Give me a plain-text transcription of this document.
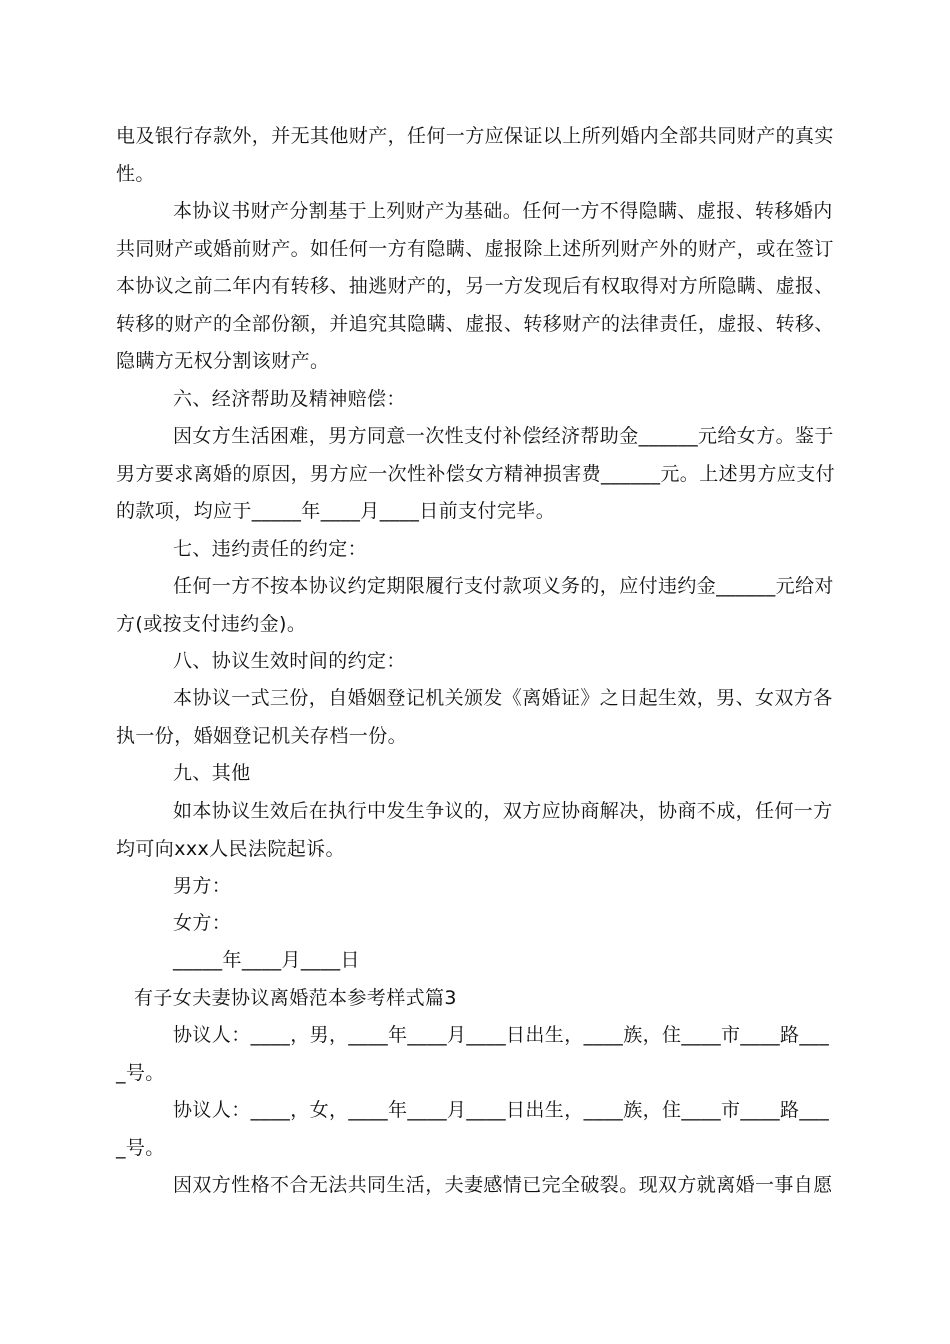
电及银行存款外，并无其他财产，任何一方应保证以上所列婚内全部共同财产的真实性。

本协议书财产分割基于上列财产为基础。任何一方不得隐瞒、虚报、转移婚内共同财产或婚前财产。如任何一方有隐瞒、虚报除上述所列财产外的财产，或在签订本协议之前二年内有转移、抽逃财产的，另一方发现后有权取得对方所隐瞒、虚报、转移的财产的全部份额，并追究其隐瞒、虚报、转移财产的法律责任，虚报、转移、隐瞒方无权分割该财产。

六、经济帮助及精神赔偿：

因女方生活困难，男方同意一次性支付补偿经济帮助金______元给女方。鉴于男方要求离婚的原因，男方应一次性补偿女方精神损害费______元。上述男方应支付的款项，均应于_____年____月____日前支付完毕。

七、违约责任的约定：

任何一方不按本协议约定期限履行支付款项义务的，应付违约金______元给对方(或按支付违约金)。

八、协议生效时间的约定：

本协议一式三份，自婚姻登记机关颁发《离婚证》之日起生效，男、女双方各执一份，婚姻登记机关存档一份。

九、其他

如本协议生效后在执行中发生争议的，双方应协商解决，协商不成，任何一方均可向xxx人民法院起诉。

男方：

女方：

_____年____月____日

有子女夫妻协议离婚范本参考样式篇3

协议人：____，男，____年____月____日出生，____族，住____市____路____号。

协议人：____，女，____年____月____日出生，____族，住____市____路____号。

因双方性格不合无法共同生活，夫妻感情已完全破裂。现双方就离婚一事自愿
